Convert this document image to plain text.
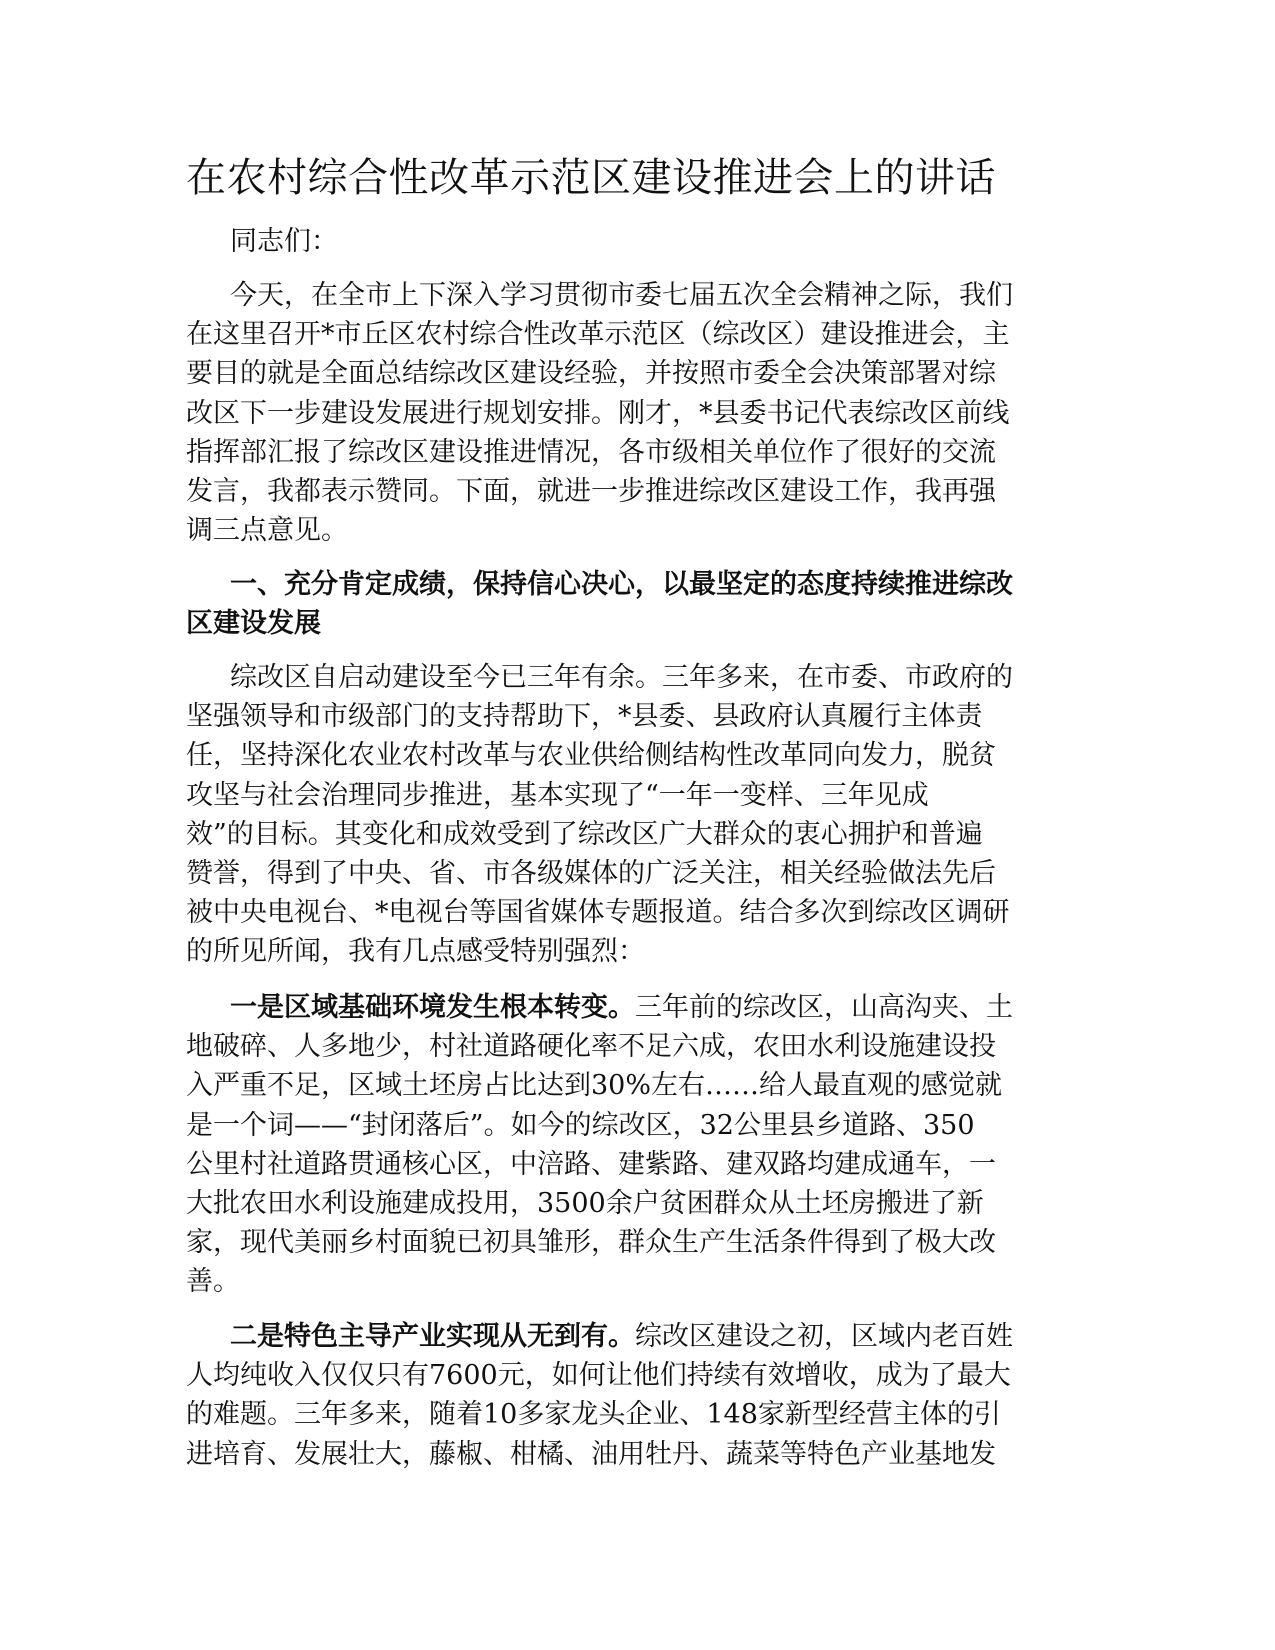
在农村综合性改革示范区建设推进会上的讲话

同志们：

今天，在全市上下深入学习贯彻市委七届五次全会精神之际，我们
在这里召开*市丘区农村综合性改革示范区（综改区）建设推进会，主
要目的就是全面总结综改区建设经验，并按照市委全会决策部署对综
改区下一步建设发展进行规划安排。刚才，*县委书记代表综改区前线
指挥部汇报了综改区建设推进情况，各市级相关单位作了很好的交流
发言，我都表示赞同。下面，就进一步推进综改区建设工作，我再强
调三点意见。

一、充分肯定成绩，保持信心决心，以最坚定的态度持续推进综改
区建设发展

综改区自启动建设至今已三年有余。三年多来，在市委、市政府的
坚强领导和市级部门的支持帮助下，*县委、县政府认真履行主体责
任，坚持深化农业农村改革与农业供给侧结构性改革同向发力，脱贫
攻坚与社会治理同步推进，基本实现了“一年一变样、三年见成
效”的目标。其变化和成效受到了综改区广大群众的衷心拥护和普遍
赞誉，得到了中央、省、市各级媒体的广泛关注，相关经验做法先后
被中央电视台、*电视台等国省媒体专题报道。结合多次到综改区调研
的所见所闻，我有几点感受特别强烈：

一是区域基础环境发生根本转变。三年前的综改区，山高沟夹、土
地破碎、人多地少，村社道路硬化率不足六成，农田水利设施建设投
入严重不足，区域土坯房占比达到30%左右……给人最直观的感觉就
是一个词——“封闭落后”。如今的综改区，32公里县乡道路、350
公里村社道路贯通核心区，中涪路、建紫路、建双路均建成通车，一
大批农田水利设施建成投用，3500余户贫困群众从土坯房搬进了新
家，现代美丽乡村面貌已初具雏形，群众生产生活条件得到了极大改
善。

二是特色主导产业实现从无到有。综改区建设之初，区域内老百姓
人均纯收入仅仅只有7600元，如何让他们持续有效增收，成为了最大
的难题。三年多来，随着10多家龙头企业、148家新型经营主体的引
进培育、发展壮大，藤椒、柑橘、油用牡丹、蔬菜等特色产业基地发
